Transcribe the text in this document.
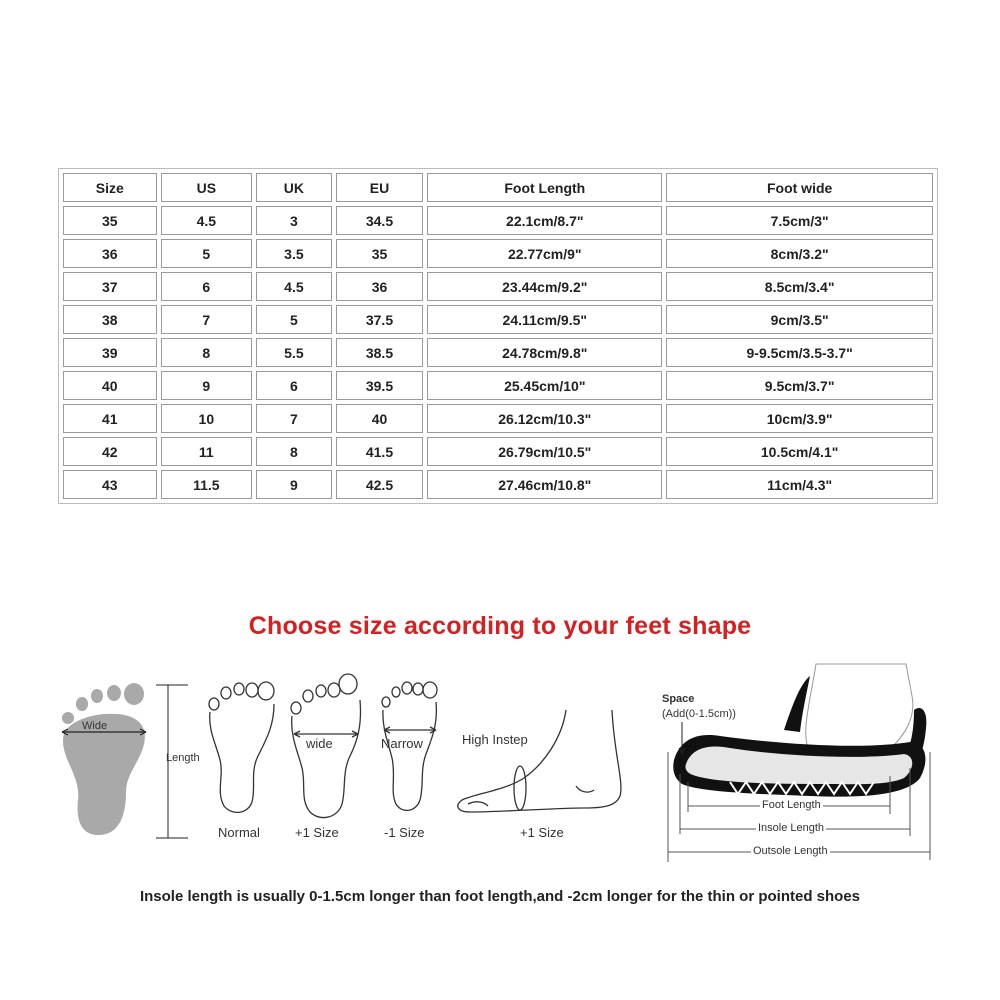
Size	US	UK	EU	Foot Length	Foot wide
35	4.5	3	34.5	22.1cm/8.7"	7.5cm/3"
36	5	3.5	35	22.77cm/9"	8cm/3.2"
37	6	4.5	36	23.44cm/9.2"	8.5cm/3.4"
38	7	5	37.5	24.11cm/9.5"	9cm/3.5"
39	8	5.5	38.5	24.78cm/9.8"	9-9.5cm/3.5-3.7"
40	9	6	39.5	25.45cm/10"	9.5cm/3.7"
41	10	7	40	26.12cm/10.3"	10cm/3.9"
42	11	8	41.5	26.79cm/10.5"	10.5cm/4.1"
43	11.5	9	42.5	27.46cm/10.8"	11cm/4.3"
Choose size according to your feet shape
Wide
Length
Normal
wide
+1 Size
Narrow
-1 Size
High Instep
+1 Size
Space
(Add(0-1.5cm))
Foot Length
Insole Length
Outsole Length
Insole length is usually 0-1.5cm longer than foot length,and -2cm longer for the thin or pointed shoes
